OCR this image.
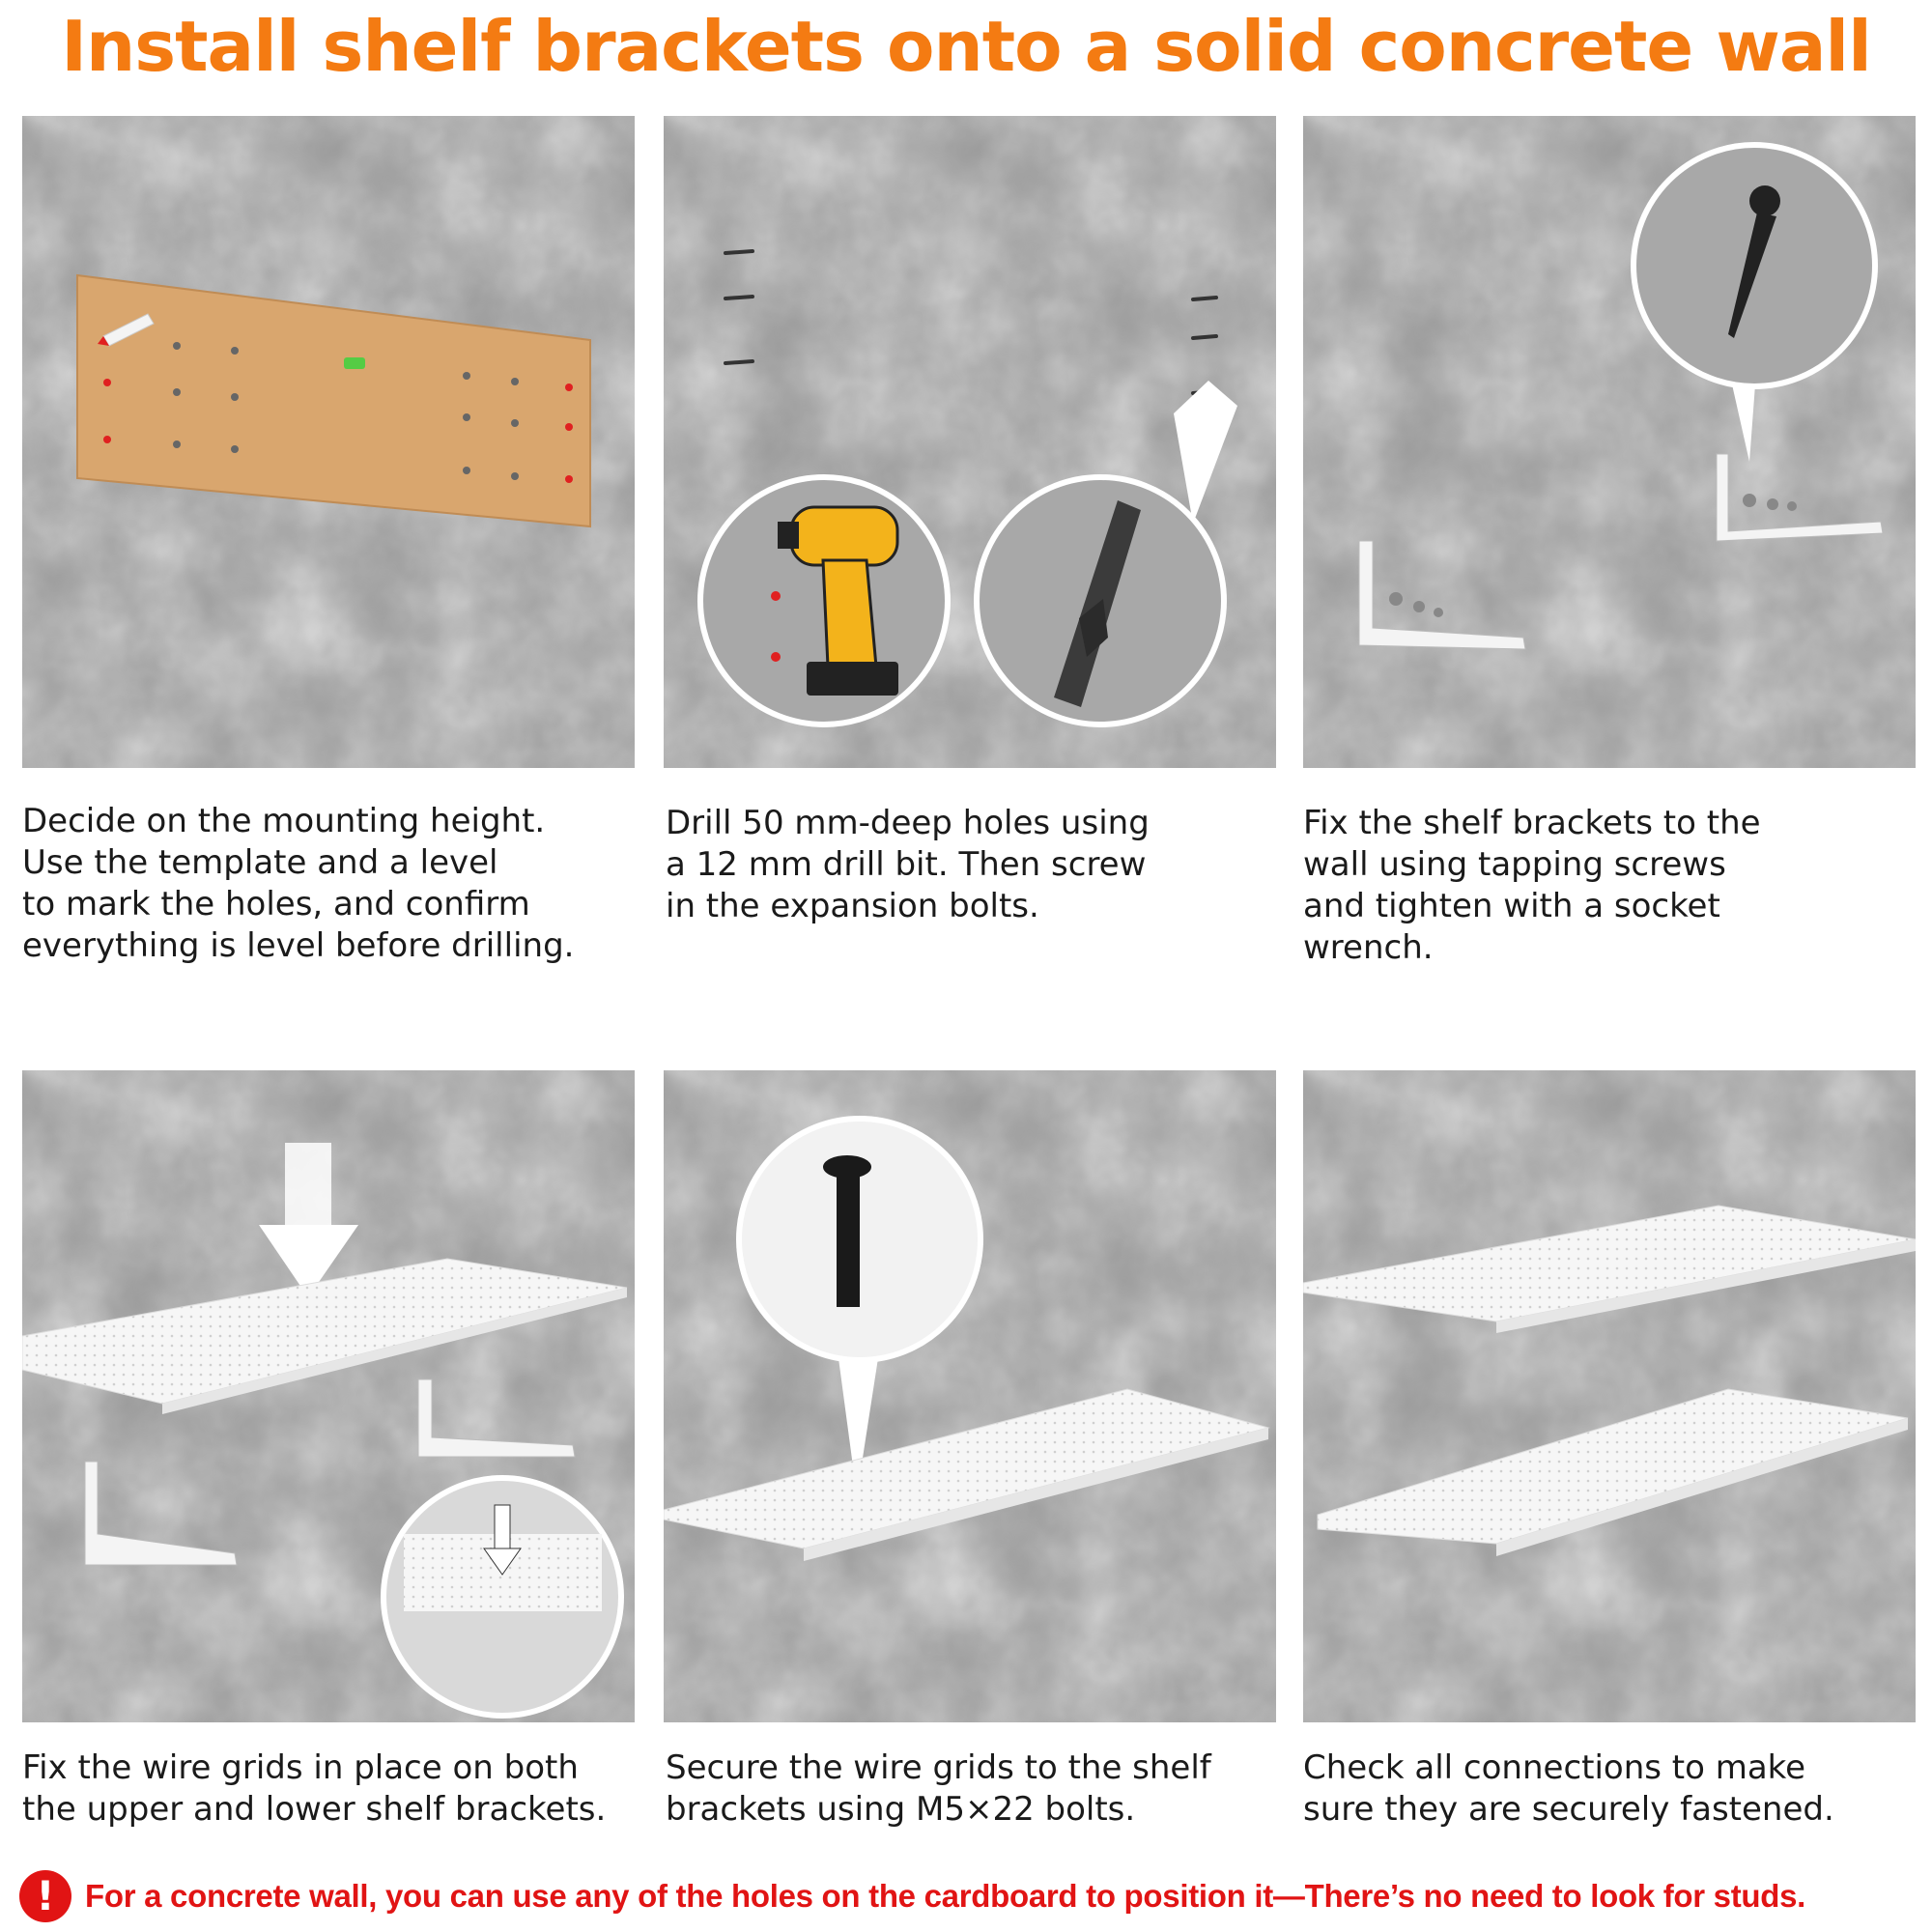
Install shelf brackets onto a solid concrete wall
Decide on the mounting height.
Use the template and a level
to mark the holes, and confirm
everything is level before drilling.
Drill 50 mm-deep holes using
a 12 mm drill bit. Then screw
in the expansion bolts.
Fix the shelf brackets to the
wall using tapping screws
and tighten with a socket
wrench.
Fix the wire grids in place on both
the upper and lower shelf brackets.
Secure the wire grids to the shelf
brackets using M5×22 bolts.
Check all connections to make
sure they are securely fastened.
! For a concrete wall, you can use any of the holes on the cardboard to position it—There’s no need to look for studs.
